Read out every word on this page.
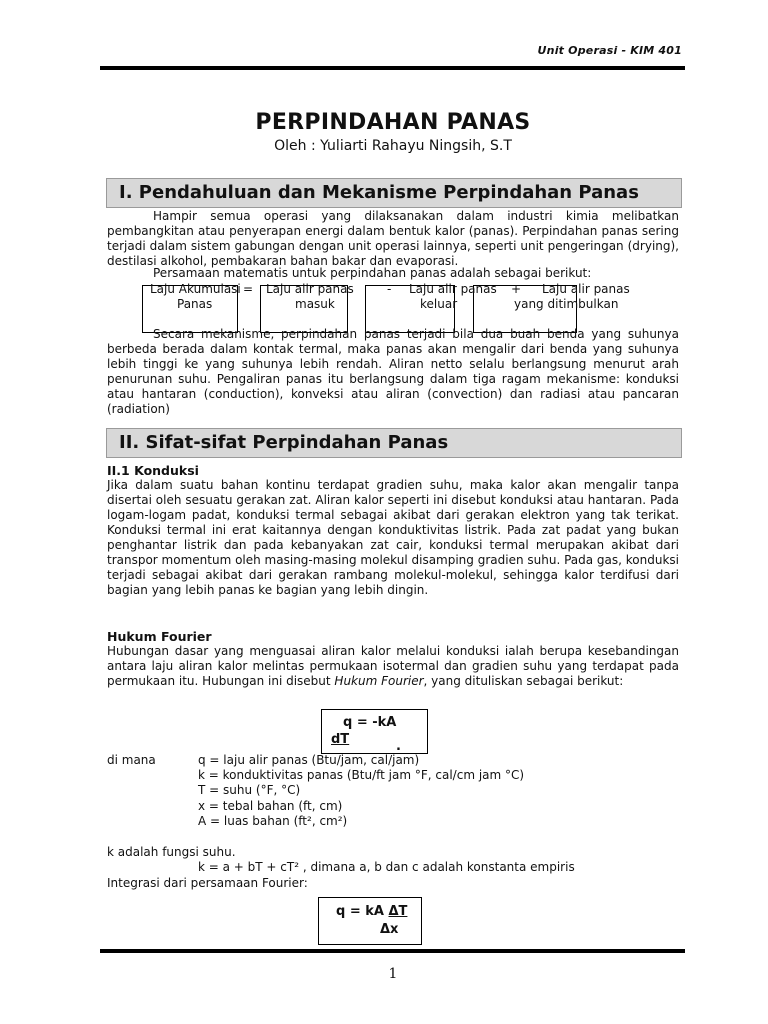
Unit Operasi - KIM 401
PERPINDAHAN PANAS
Oleh : Yuliarti Rahayu Ningsih, S.T
I. Pendahuluan dan Mekanisme Perpindahan Panas
Hampir semua operasi yang dilaksanakan dalam industri kimia melibatkan pembangkitan atau penyerapan energi dalam bentuk kalor (panas). Perpindahan panas sering terjadi dalam sistem gabungan dengan unit operasi lainnya, seperti unit pengeringan (drying), destilasi alkohol, pembakaran bahan bakar dan evaporasi.
Persamaan matematis untuk perpindahan panas adalah sebagai berikut:
Laju Akumulasi
Panas
= Laju alir panas
masuk
- Laju alir panas
keluar
+ Laju alir panas
yang ditimbulkan
Secara mekanisme, perpindahan panas terjadi bila dua buah benda yang suhunya berbeda berada dalam kontak termal, maka panas akan mengalir dari benda yang suhunya lebih tinggi ke yang suhunya lebih rendah. Aliran netto selalu berlangsung menurut arah penurunan suhu. Pengaliran panas itu berlangsung dalam tiga ragam mekanisme: konduksi atau hantaran (conduction), konveksi atau aliran (convection) dan radiasi atau pancaran (radiation)
II. Sifat-sifat Perpindahan Panas
II.1 Konduksi
Jika dalam suatu bahan kontinu terdapat gradien suhu, maka kalor akan mengalir tanpa disertai oleh sesuatu gerakan zat. Aliran kalor seperti ini disebut konduksi atau hantaran. Pada logam-logam padat, konduksi termal sebagai akibat dari gerakan elektron yang tak terikat. Konduksi termal ini erat kaitannya dengan konduktivitas listrik. Pada zat padat yang bukan penghantar listrik dan pada kebanyakan zat cair, konduksi termal merupakan akibat dari transpor momentum oleh masing-masing molekul disamping gradien suhu. Pada gas, konduksi terjadi sebagai akibat dari gerakan rambang molekul-molekul, sehingga kalor terdifusi dari bagian yang lebih panas ke bagian yang lebih dingin.
Hukum Fourier
Hubungan dasar yang menguasai aliran kalor melalui konduksi ialah berupa kesebandingan antara laju aliran kalor melintas permukaan isotermal dan gradien suhu yang terdapat pada permukaan itu. Hubungan ini disebut Hukum Fourier, yang dituliskan sebagai berikut:
q = -kA
dT	.
di mana	q = laju alir panas (Btu/jam, cal/jam)
k = konduktivitas panas (Btu/ft jam °F, cal/cm jam °C)
T = suhu (°F, °C)
x = tebal bahan (ft, cm)
A = luas bahan (ft², cm²)
k adalah fungsi suhu.
k = a + bT + cT² , dimana a, b dan c adalah konstanta empiris
Integrasi dari persamaan Fourier:
q = kA ΔT
Δx
1
